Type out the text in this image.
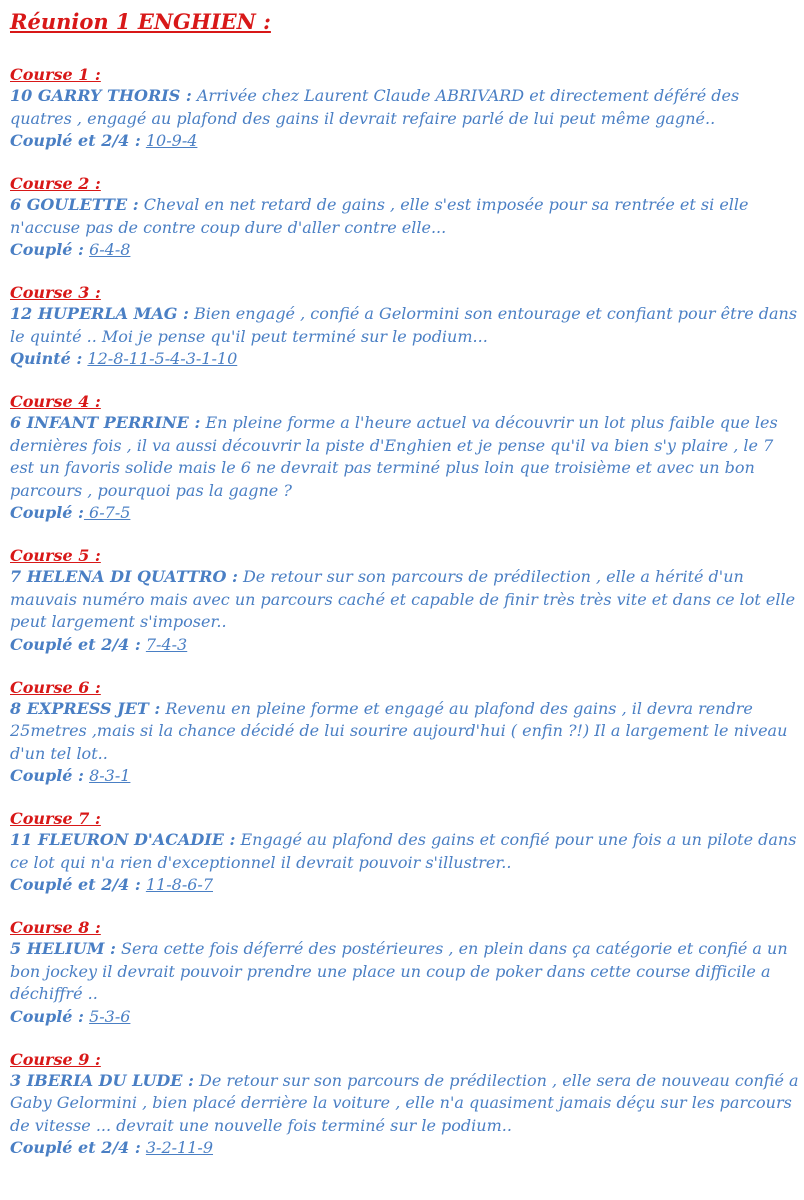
Réunion 1 ENGHIEN :
Course 1 :

10 GARRY THORIS : Arrivée chez Laurent Claude ABRIVARD et directement déféré des quatres , engagé au plafond des gains il devrait refaire parlé de lui peut même gagné..

Couplé et 2/4 : 10-9-4
Course 2 :

6 GOULETTE : Cheval en net retard de gains , elle s'est imposée pour sa rentrée et si elle n'accuse pas de contre coup dure d'aller contre elle...

Couplé : 6-4-8
Course 3 :

12 HUPERLA MAG : Bien engagé , confié a Gelormini son entourage et confiant pour être dans le quinté .. Moi je pense qu'il peut terminé sur le podium...

Quinté : 12-8-11-5-4-3-1-10
Course 4 :

6 INFANT PERRINE : En pleine forme a l'heure actuel va découvrir un lot plus faible que les dernières fois , il va aussi découvrir la piste d'Enghien et je pense qu'il va bien s'y plaire , le 7 est un favoris solide mais le 6 ne devrait pas terminé plus loin que troisième et avec un bon parcours , pourquoi pas la gagne ?

Couplé : 6-7-5
Course 5 :

7 HELENA DI QUATTRO : De retour sur son parcours de prédilection , elle a hérité d'un mauvais numéro mais avec un parcours caché et capable de finir très très vite et dans ce lot elle peut largement s'imposer..

Couplé et 2/4 : 7-4-3
Course 6 :

8 EXPRESS JET : Revenu en pleine forme et engagé au plafond des gains , il devra rendre 25metres ,mais si la chance décidé de lui sourire aujourd'hui ( enfin ?!) Il a largement le niveau d'un tel lot..

Couplé : 8-3-1
Course 7 :

11 FLEURON D'ACADIE : Engagé au plafond des gains et confié pour une fois a un pilote dans ce lot qui n'a rien d'exceptionnel il devrait pouvoir s'illustrer..

Couplé et 2/4 : 11-8-6-7
Course 8 :

5 HELIUM : Sera cette fois déferré des postérieures , en plein dans ça catégorie et confié a un bon jockey il devrait pouvoir prendre une place un coup de poker dans cette course difficile a déchiffré ..

Couplé : 5-3-6
Course 9 :

3 IBERIA DU LUDE : De retour sur son parcours de prédilection , elle sera de nouveau confié a Gaby Gelormini , bien placé derrière la voiture , elle n'a quasiment jamais déçu sur les parcours de vitesse ... devrait une nouvelle fois terminé sur le podium..

Couplé et 2/4 : 3-2-11-9
